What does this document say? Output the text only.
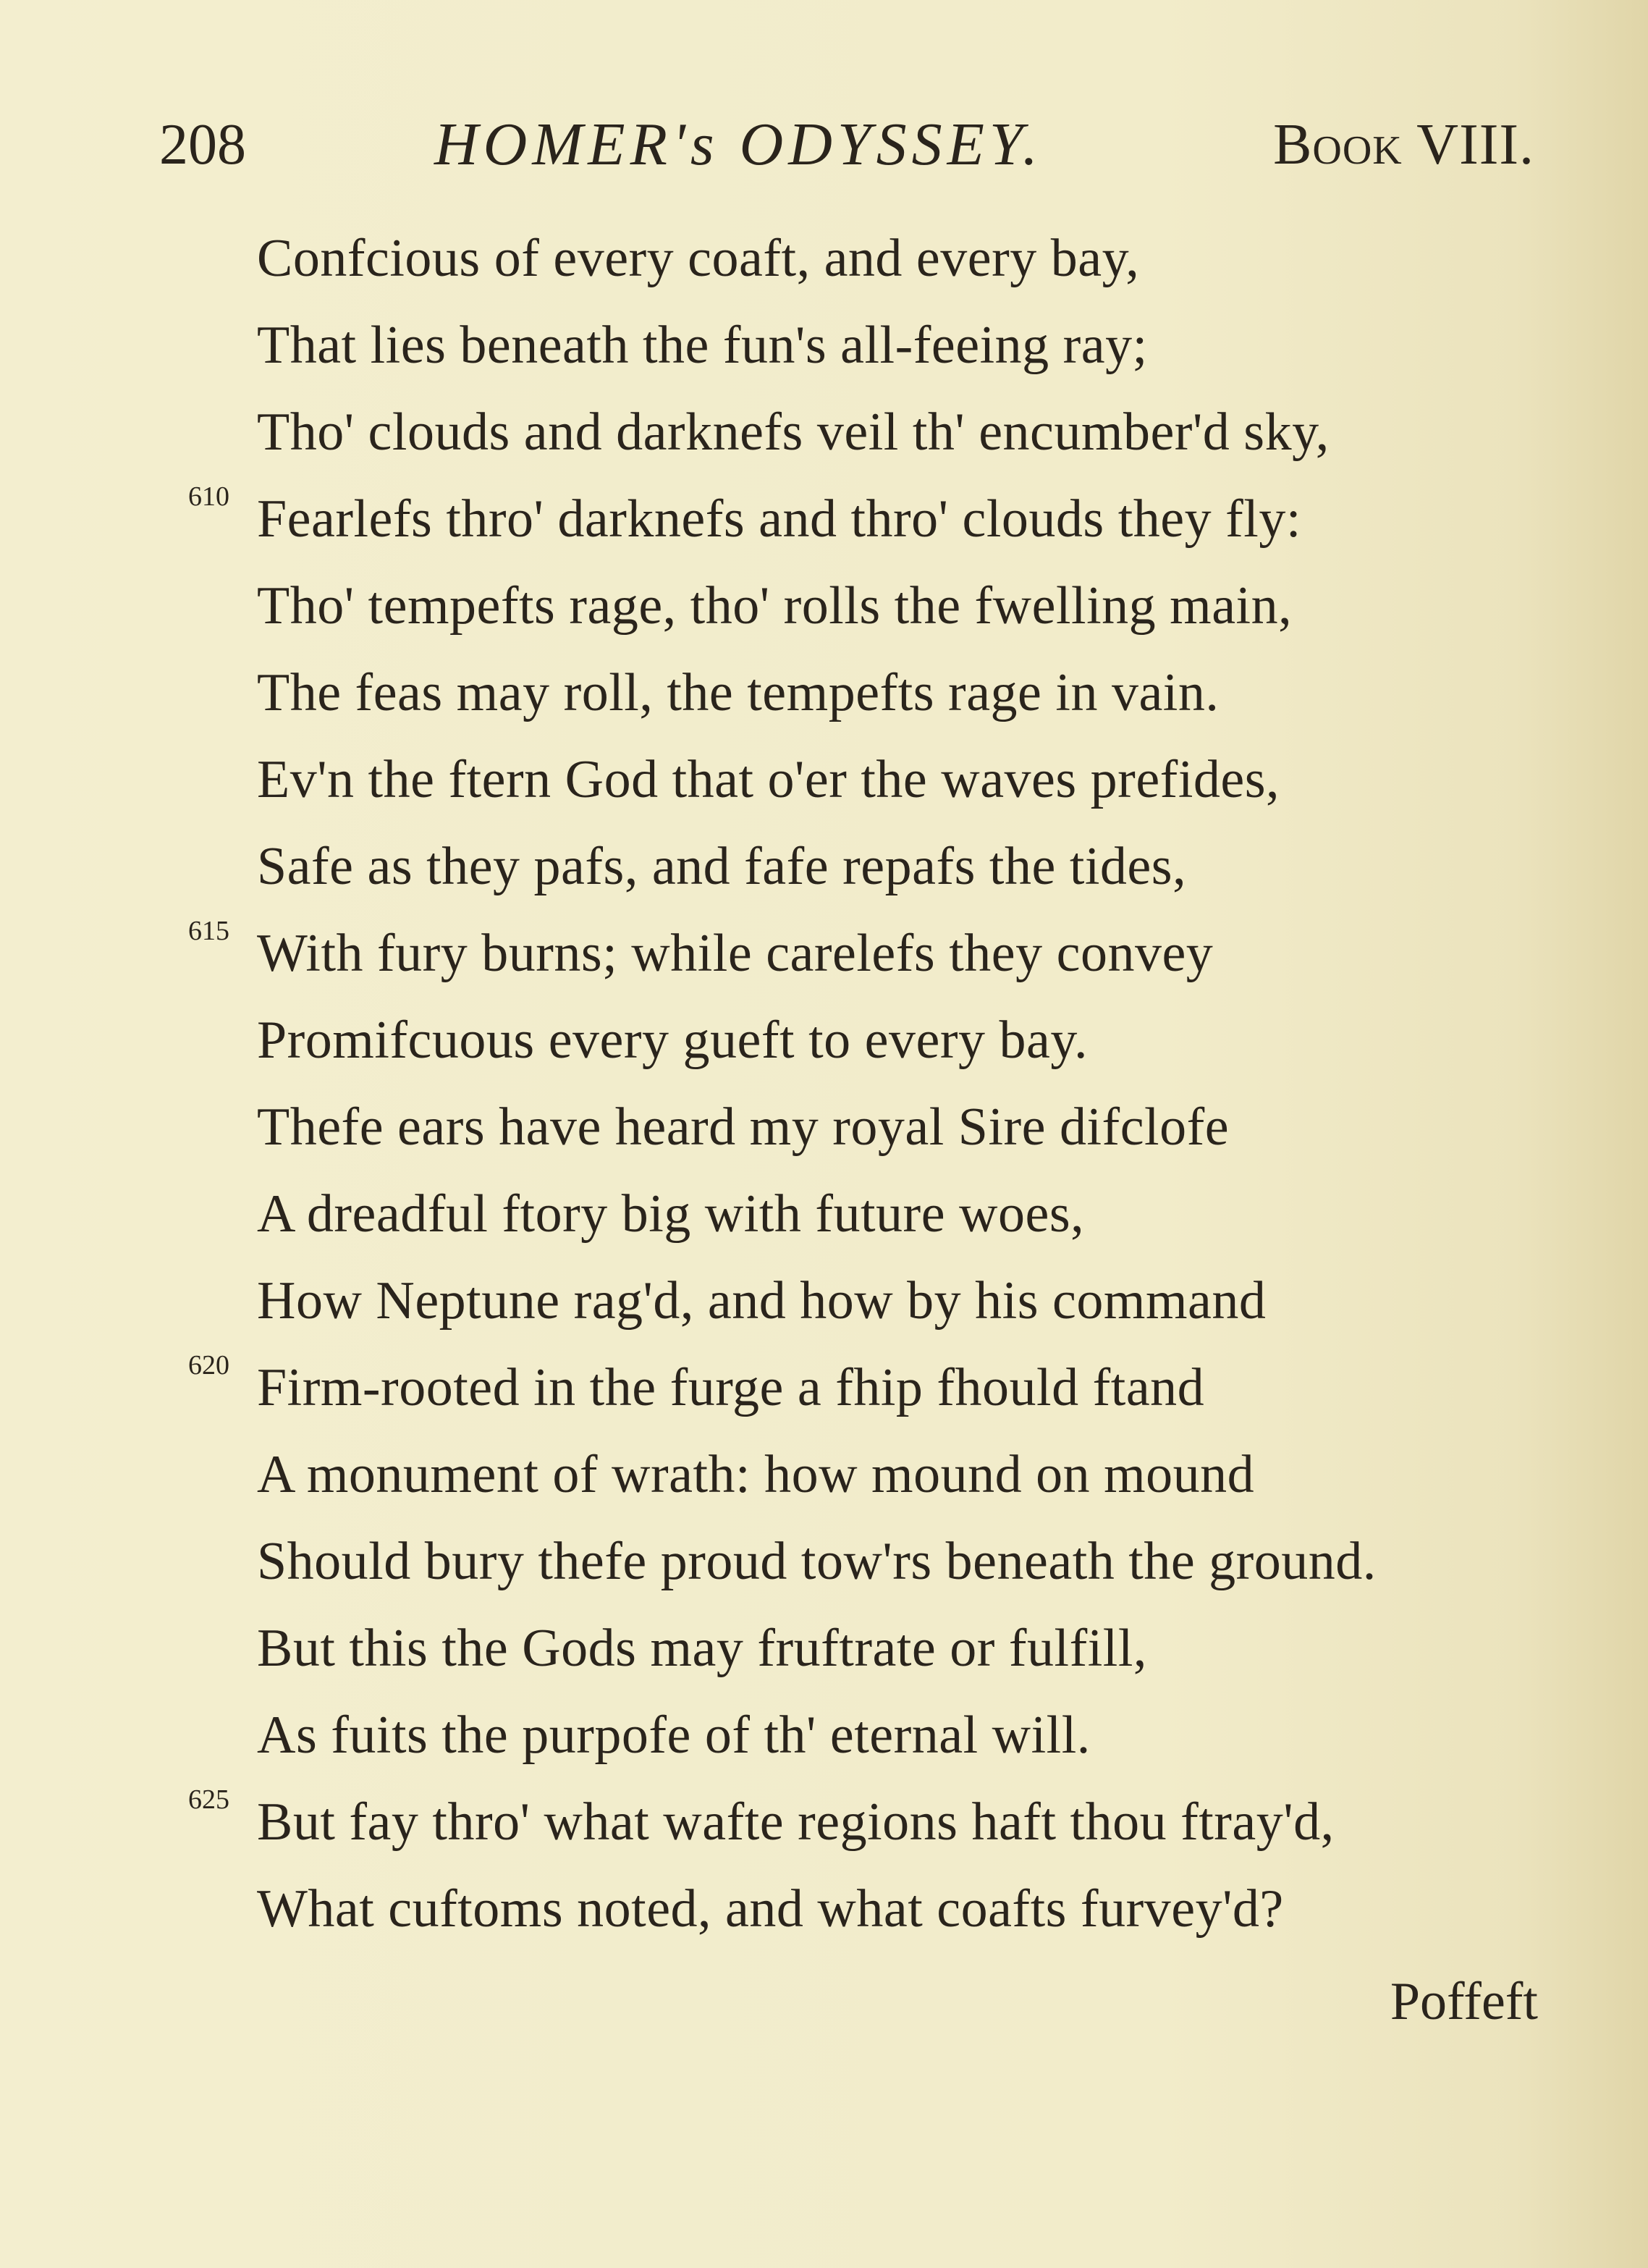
208	HOMER's ODYSSEY.	Book VIII.
Confcious of every coaft, and every bay,
That lies beneath the fun's all-feeing ray;
Tho' clouds and darknefs veil th' encumber'd sky,
610 Fearlefs thro' darknefs and thro' clouds they fly:
Tho' tempefts rage, tho' rolls the fwelling main,
The feas may roll, the tempefts rage in vain.
Ev'n the ftern God that o'er the waves prefides,
Safe as they pafs, and fafe repafs the tides,
615 With fury burns; while carelefs they convey
Promifcuous every gueft to every bay.
Thefe ears have heard my royal Sire difclofe
A dreadful ftory big with future woes,
How Neptune rag'd, and how by his command
620 Firm-rooted in the furge a fhip fhould ftand
A monument of wrath: how mound on mound
Should bury thefe proud tow'rs beneath the ground.
But this the Gods may fruftrate or fulfill,
As fuits the purpofe of th' eternal will.
625 But fay thro' what wafte regions haft thou ftray'd,
What cuftoms noted, and what coafts furvey'd?
Poffeft
